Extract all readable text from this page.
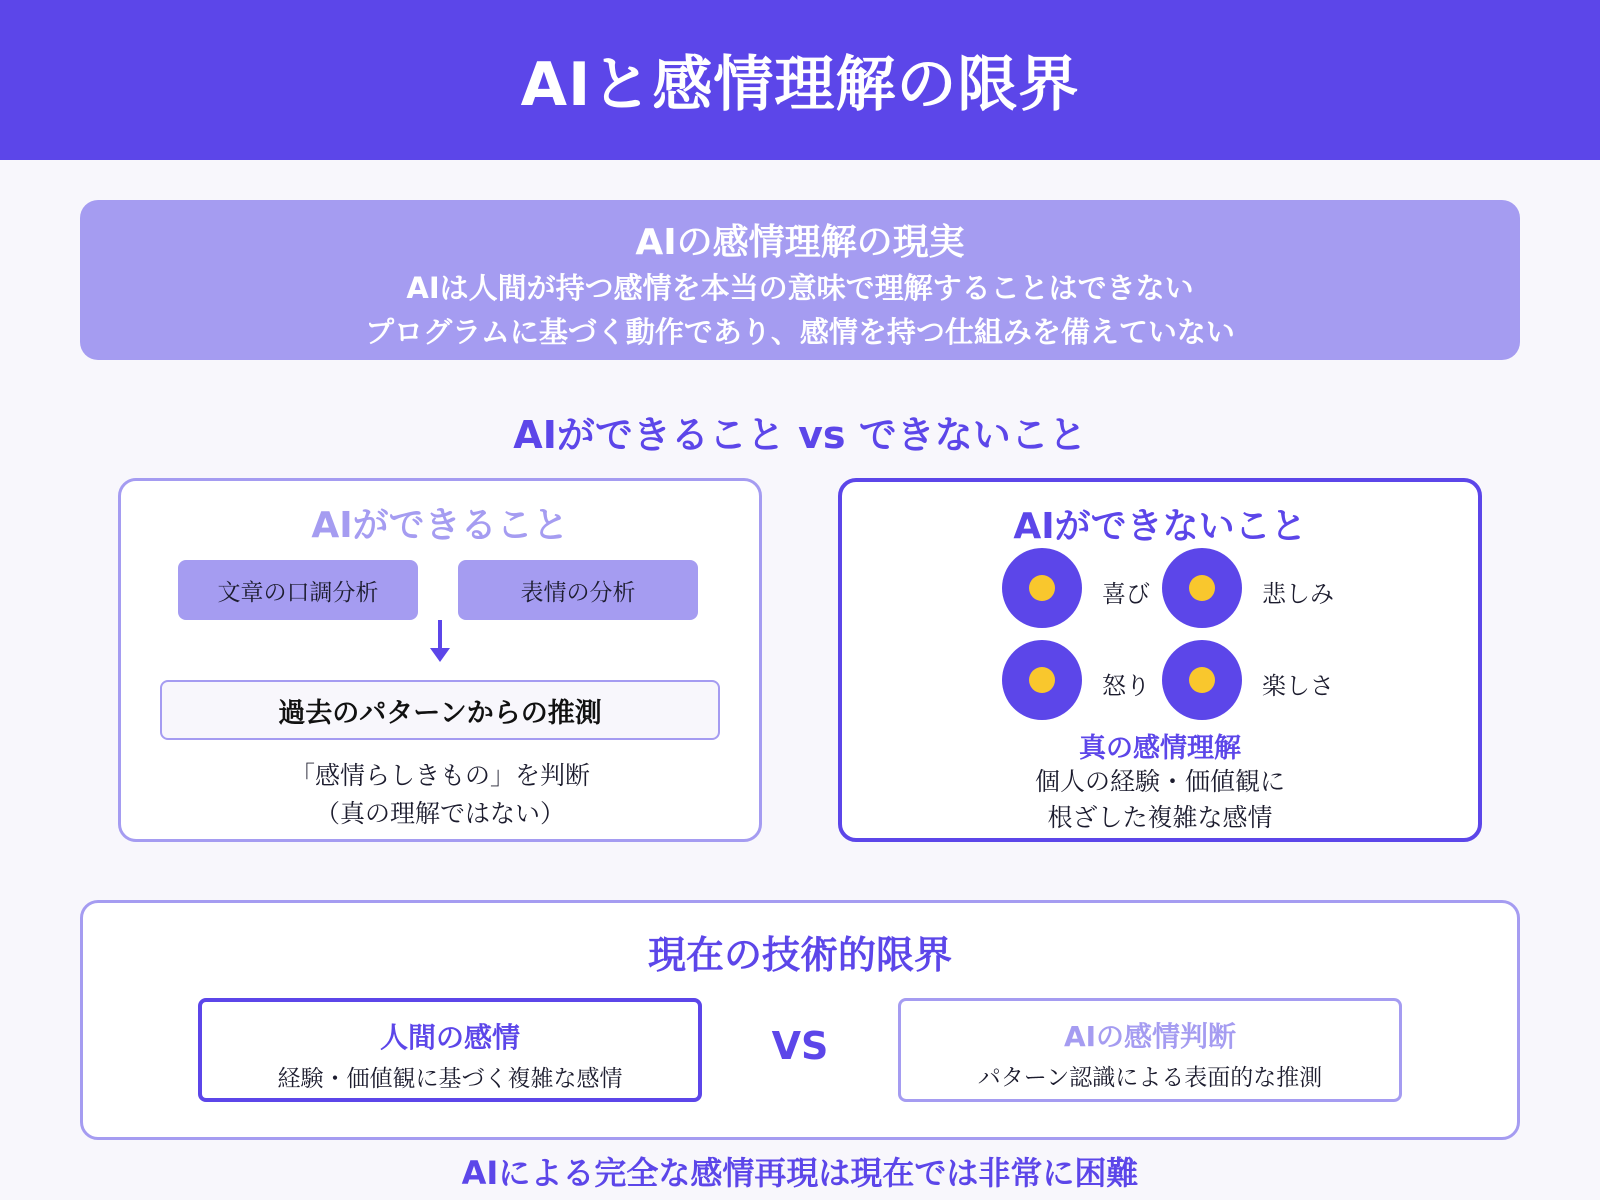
AIと感情理解の限界
AIの感情理解の現実
AIは人間が持つ感情を本当の意味で理解することはできない
プログラムに基づく動作であり、感情を持つ仕組みを備えていない
AIができること vs できないこと
AIができること
文章の口調分析	表情の分析
過去のパターンからの推測
「感情らしきもの」を判断
（真の理解ではない）
AIができないこと
喜び	悲しみ
怒り	楽しさ
真の感情理解
個人の経験・価値観に
根ざした複雑な感情
現在の技術的限界
人間の感情
経験・価値観に基づく複雑な感情
VS	AIの感情判断
パターン認識による表面的な推測
AIによる完全な感情再現は現在では非常に困難
